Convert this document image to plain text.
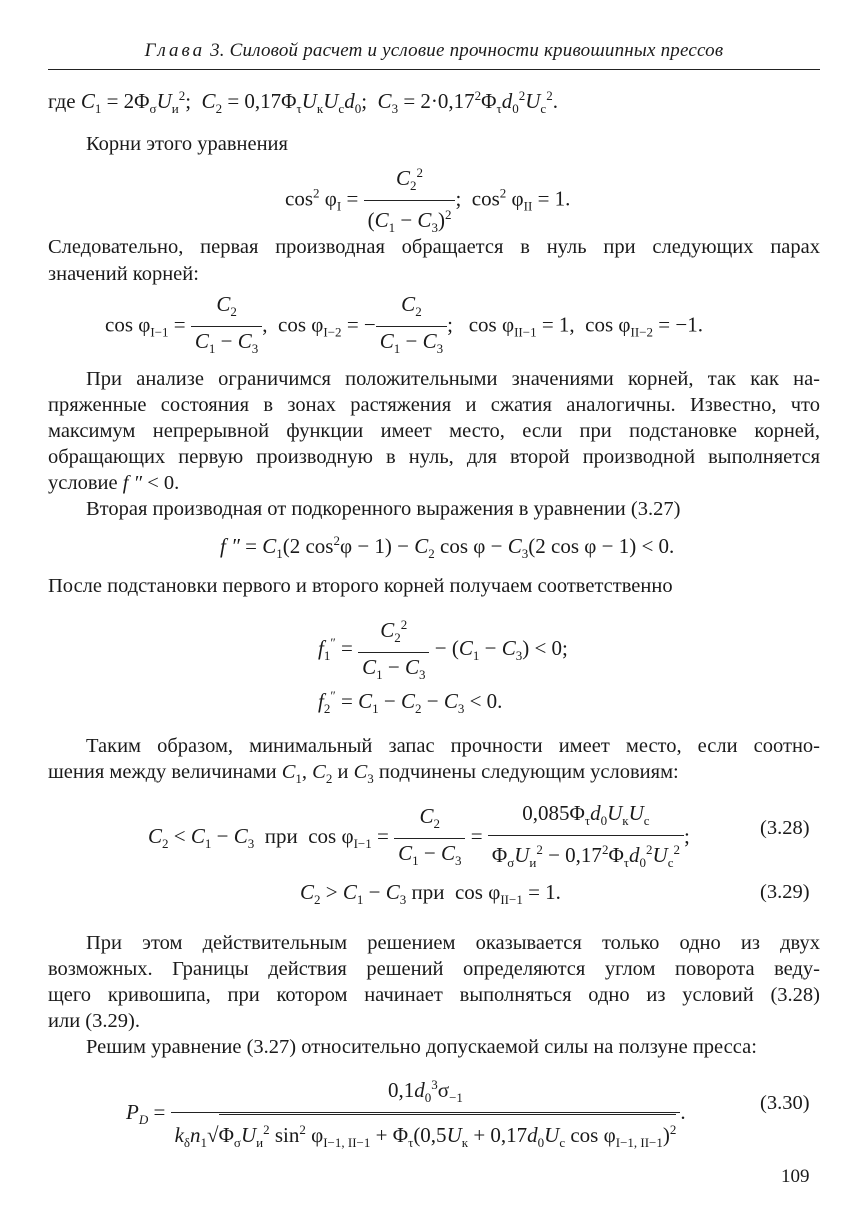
Глава 3. Силовой расчет и условие прочности кривошипных прессов
где $C_1 = 2\Phi_\sigma U_и^2$;  $C_2 = 0,17\Phi_\tau U_кU_сd_0$;  $C_3 = 2\cdot 0,17^2\Phi_\tau d_0^2U_с^2$.
Корни этого уравнения
$\cos^2 \varphi_I = \frac{C_2^2}{(C_1 - C_3)^2}$ ;  $\cos^2 \varphi_{II} = 1$.
Следовательно, первая производная обращается в нуль при следующих парах
значений корней:
$\cos \varphi_{I-1} = \frac{C_2}{C_1 - C_3}$ ,  $\cos \varphi_{I-2}$ = − $\frac{C_2}{C_1 - C_3}$ ;   $\cos \varphi_{II-1} = 1$,  $\cos \varphi_{II-2} = -1$.
При анализе ограничимся положительными значениями корней, так как на-
пряженные состояния в зонах растяжения и сжатия аналогичны. Известно, что
максимум непрерывной функции имеет место, если при подстановке корней,
обращающих первую производную в нуль, для второй производной выполняется
условие f ″ < 0.
Вторая производная от подкоренного выражения в уравнении (3.27)
f ″ = $C_1(2$ $\cos^2\varphi - 1) - C_2$ $\cos \varphi - C_3(2$ cos φ − 1) < 0.
После подстановки первого и второго корней получаем соответственно
$f_1'' = \frac{C_2^2}{C_1 - C_3} - (C_1 - C_3) < 0$;
$f_2'' = C_1 - C_2 - C_3 < 0$.
Таким образом, минимальный запас прочности имеет место, если соотно-
шения между величинами $C_1$, $C_2$ и $C_3$ подчинены следующим условиям:
$C_2 < C_1 - C_3$ при  $\cos \varphi_{I-1} = \frac{C_2}{C_1 - C_3} = \frac{0,085\Phi_\tau d_0U_кU_с}{\Phi_\sigma U_и^2 - 0,17^2\Phi_\tau d_0^2U_с^2}$ ;	(3.28)
$C_2 > C_1 - C_3$ при  $\cos \varphi_{II-1} = 1$.	(3.29)
При этом действительным решением оказывается только одно из двух
возможных. Границы действия решений определяются углом поворота веду-
щего кривошипа, при котором начинает выполняться одно из условий (3.28)
или (3.29).
Решим уравнение (3.27) относительно допускаемой силы на ползуне пресса:
$P_D$ =
$0,1d_0^3\sigma_{-1}$
$k_\delta n_1√\Phi_\sigma U_и^2$ $\sin^2 \varphi_{I-1, II-1} + \Phi_\tau(0,5U_к + 0,17d_0U_с$ $\cos \varphi_{I-1, II-1})^2$
.	(3.30)
109
